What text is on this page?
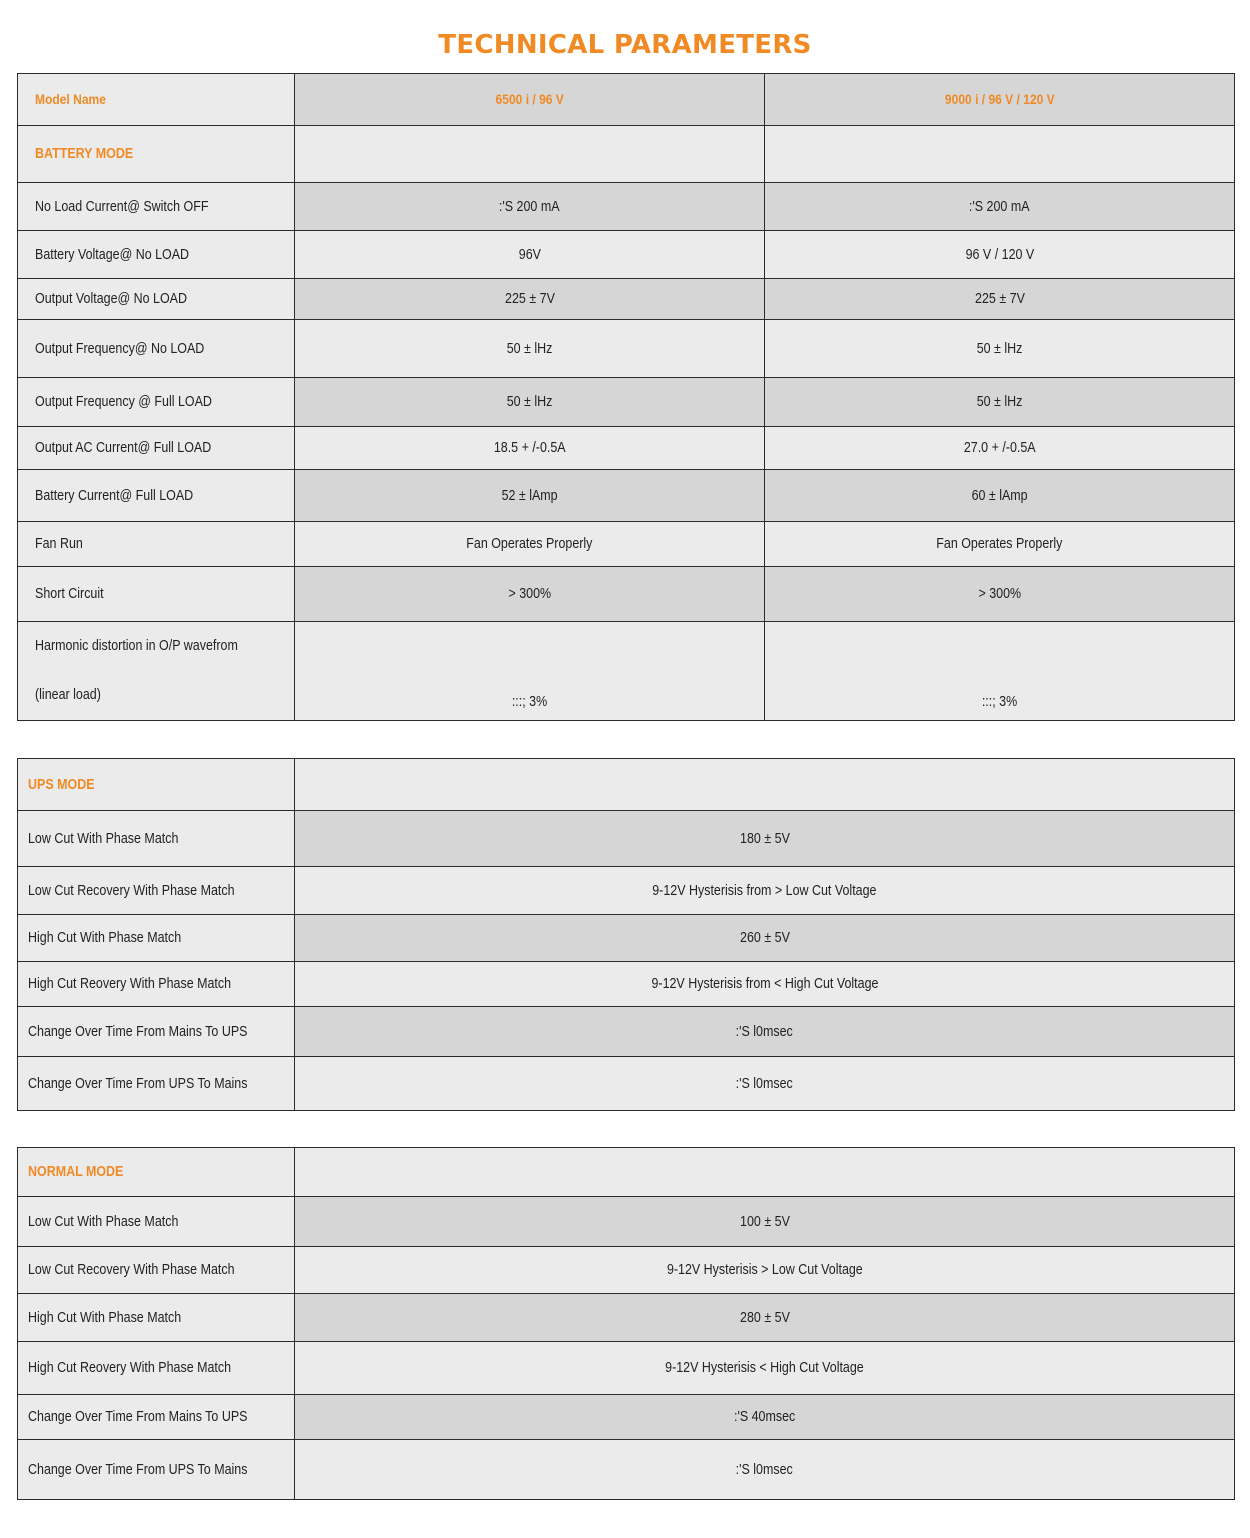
TECHNICAL PARAMETERS
Model Name	6500 i / 96 V	9000 i / 96 V / 120 V
BATTERY MODE		
No Load Current@ Switch OFF	:'S 200 mA	:'S 200 mA
Battery Voltage@ No LOAD	96V	96 V / 120 V
Output Voltage@ No LOAD	225 ± 7V	225 ± 7V
Output Frequency@ No LOAD	50 ± lHz	50 ± lHz
Output Frequency @ Full LOAD	50 ± lHz	50 ± lHz
Output AC Current@ Full LOAD	18.5 + /-0.5A	27.0 + /-0.5A
Battery Current@ Full LOAD	52 ± lAmp	60 ± lAmp
Fan Run	Fan Operates Properly	Fan Operates Properly
Short Circuit	> 300%	> 300%

Harmonic distortion in O/P wavefrom
(linear load)	:::; 3%	:::; 3%
UPS MODE	
Low Cut With Phase Match	180 ± 5V
Low Cut Recovery With Phase Match	9-12V Hysterisis from > Low Cut Voltage
High Cut With Phase Match	260 ± 5V
High Cut Reovery With Phase Match	9-12V Hysterisis from < High Cut Voltage
Change Over Time From Mains To UPS	:'S l0msec
Change Over Time From UPS To Mains	:'S l0msec
NORMAL MODE	
Low Cut With Phase Match	100 ± 5V
Low Cut Recovery With Phase Match	9-12V Hysterisis > Low Cut Voltage
High Cut With Phase Match	280 ± 5V
High Cut Reovery With Phase Match	9-12V Hysterisis < High Cut Voltage
Change Over Time From Mains To UPS	:'S 40msec
Change Over Time From UPS To Mains	:'S l0msec
